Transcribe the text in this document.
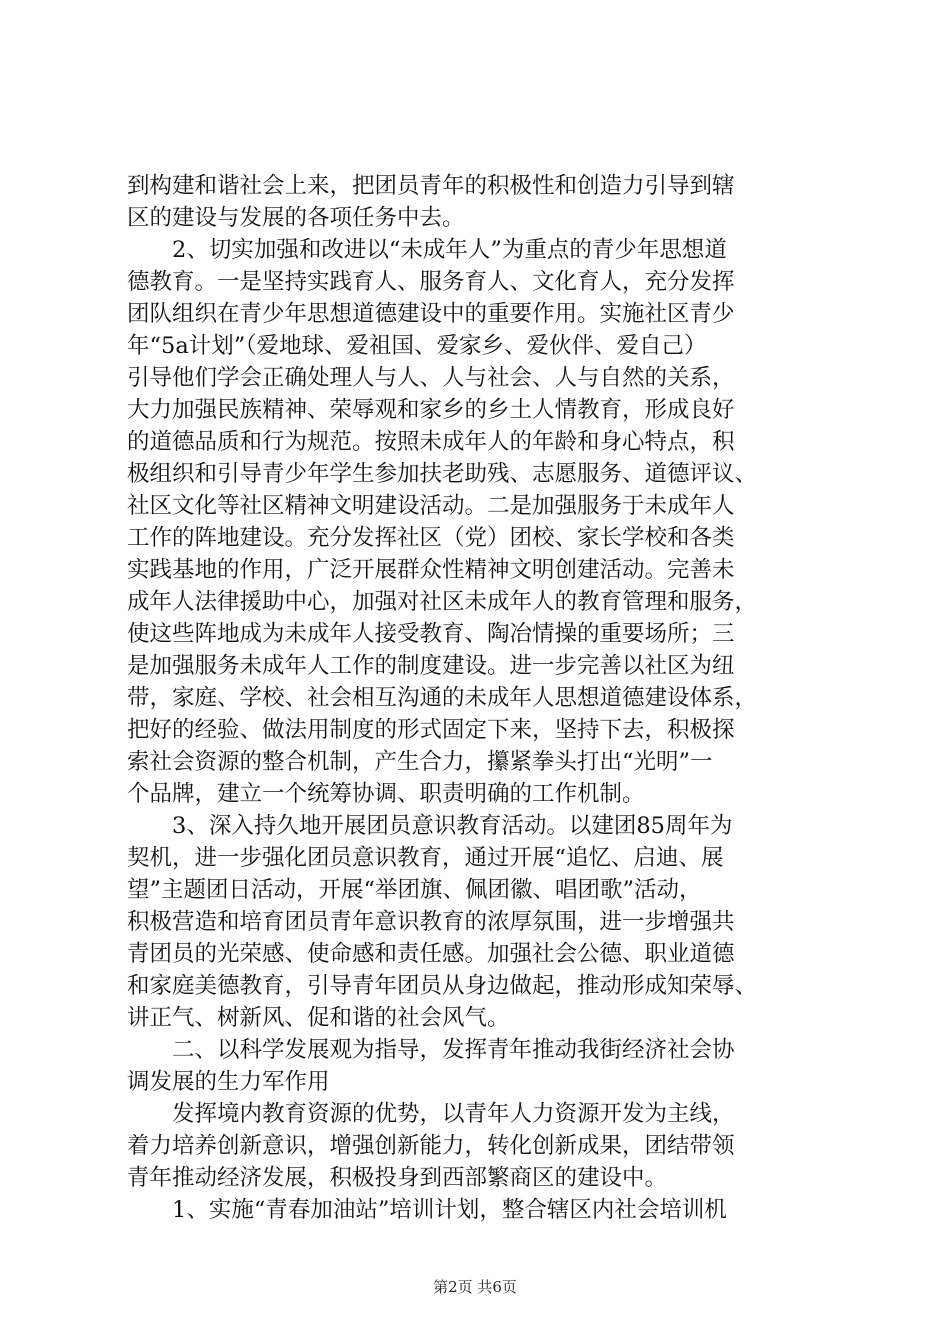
到构建和谐社会上来，把团员青年的积极性和创造力引导到辖
区的建设与发展的各项任务中去。
　　2、切实加强和改进以“未成年人”为重点的青少年思想道
德教育。一是坚持实践育人、服务育人、文化育人，充分发挥
团队组织在青少年思想道德建设中的重要作用。实施社区青少
年“5a计划”（爱地球、爱祖国、爱家乡、爱伙伴、爱自己）
引导他们学会正确处理人与人、人与社会、人与自然的关系，
大力加强民族精神、荣辱观和家乡的乡土人情教育，形成良好
的道德品质和行为规范。按照未成年人的年龄和身心特点，积
极组织和引导青少年学生参加扶老助残、志愿服务、道德评议、
社区文化等社区精神文明建设活动。二是加强服务于未成年人
工作的阵地建设。充分发挥社区（党）团校、家长学校和各类
实践基地的作用，广泛开展群众性精神文明创建活动。完善未
成年人法律援助中心，加强对社区未成年人的教育管理和服务，
使这些阵地成为未成年人接受教育、陶冶情操的重要场所；三
是加强服务未成年人工作的制度建设。进一步完善以社区为纽
带，家庭、学校、社会相互沟通的未成年人思想道德建设体系，
把好的经验、做法用制度的形式固定下来，坚持下去，积极探
索社会资源的整合机制，产生合力，攥紧拳头打出“光明”一
个品牌，建立一个统筹协调、职责明确的工作机制。
　　3、深入持久地开展团员意识教育活动。以建团85周年为
契机，进一步强化团员意识教育，通过开展“追忆、启迪、展
望”主题团日活动，开展“举团旗、佩团徽、唱团歌”活动，
积极营造和培育团员青年意识教育的浓厚氛围，进一步增强共
青团员的光荣感、使命感和责任感。加强社会公德、职业道德
和家庭美德教育，引导青年团员从身边做起，推动形成知荣辱、
讲正气、树新风、促和谐的社会风气。
　　二、以科学发展观为指导，发挥青年推动我街经济社会协
调发展的生力军作用
　　发挥境内教育资源的优势，以青年人力资源开发为主线，
着力培养创新意识，增强创新能力，转化创新成果，团结带领
青年推动经济发展，积极投身到西部繁商区的建设中。
　　1、实施“青春加油站”培训计划，整合辖区内社会培训机
第2页 共6页
